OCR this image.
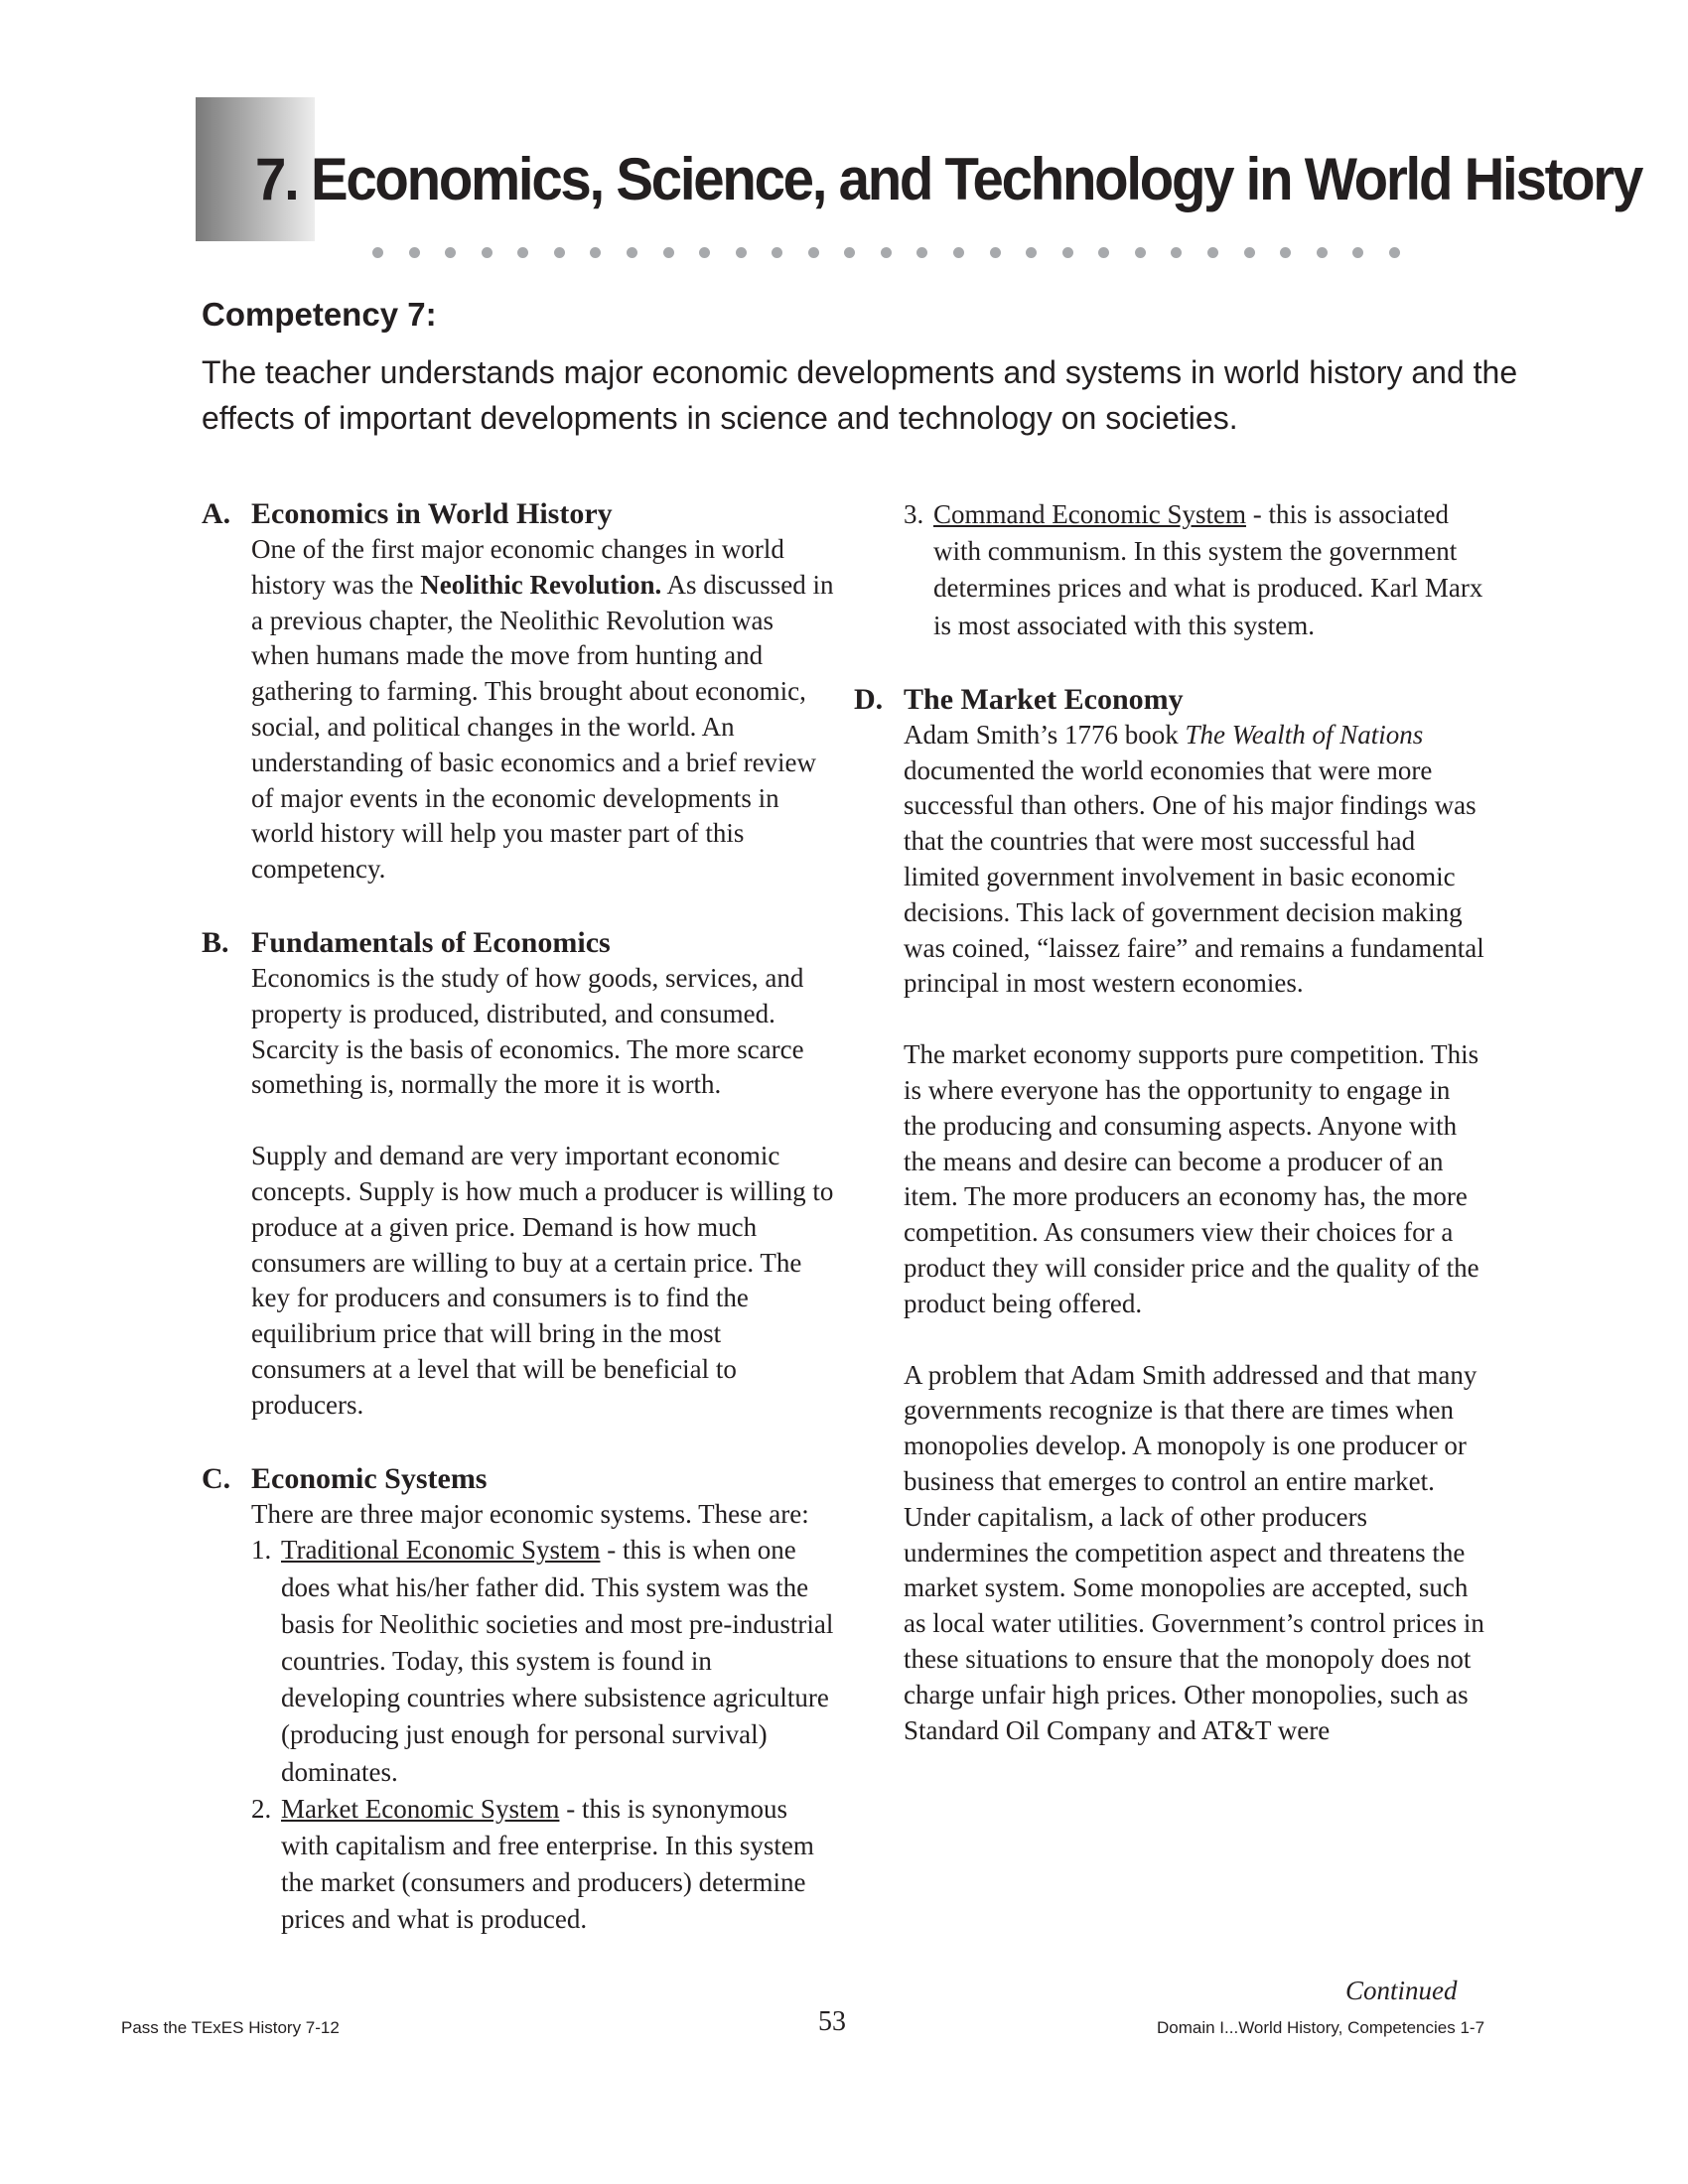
7. Economics, Science, and Technology in World History
Competency 7:

The teacher understands major economic developments and systems in world history and the effects of important developments in science and technology on societies.

A. Economics in World History

One of the first major economic changes in world history was the Neolithic Revolution. As discussed in a previous chapter, the Neolithic Revolution was when humans made the move from hunting and gathering to farming. This brought about economic, social, and political changes in the world. An understanding of basic economics and a brief review of major events in the economic developments in world history will help you master part of this competency.

B. Fundamentals of Economics

Economics is the study of how goods, services, and property is produced, distributed, and consumed. Scarcity is the basis of economics. The more scarce something is, normally the more it is worth.

Supply and demand are very important economic concepts. Supply is how much a producer is willing to produce at a given price. Demand is how much consumers are willing to buy at a certain price. The key for producers and consumers is to find the equilibrium price that will bring in the most consumers at a level that will be beneficial to producers.

C. Economic Systems

There are three major economic systems. These are:

1. Traditional Economic System - this is when one does what his/her father did. This system was the basis for Neolithic societies and most pre-industrial countries. Today, this system is found in developing countries where subsistence agriculture (producing just enough for personal survival) dominates.
2. Market Economic System - this is synonymous with capitalism and free enterprise. In this system the market (consumers and producers) determine prices and what is produced.
3. Command Economic System - this is associated with communism. In this system the government determines prices and what is produced. Karl Marx is most associated with this system.
D. The Market Economy

Adam Smith’s 1776 book The Wealth of Nations documented the world economies that were more successful than others. One of his major findings was that the countries that were most successful had limited government involvement in basic economic decisions. This lack of government decision making was coined, “laissez faire” and remains a fundamental principal in most western economies.

The market economy supports pure competition. This is where everyone has the opportunity to engage in the producing and consuming aspects. Anyone with the means and desire can become a producer of an item. The more producers an economy has, the more competition. As consumers view their choices for a product they will consider price and the quality of the product being offered.

A problem that Adam Smith addressed and that many governments recognize is that there are times when monopolies develop. A monopoly is one producer or business that emerges to control an entire market. Under capitalism, a lack of other producers undermines the competition aspect and threatens the market system. Some monopolies are accepted, such as local water utilities. Government’s control prices in these situations to ensure that the monopoly does not charge unfair high prices. Other monopolies, such as Standard Oil Company and AT&T were

Continued
Pass the TExES History 7-12	53	Domain I...World History, Competencies 1-7
